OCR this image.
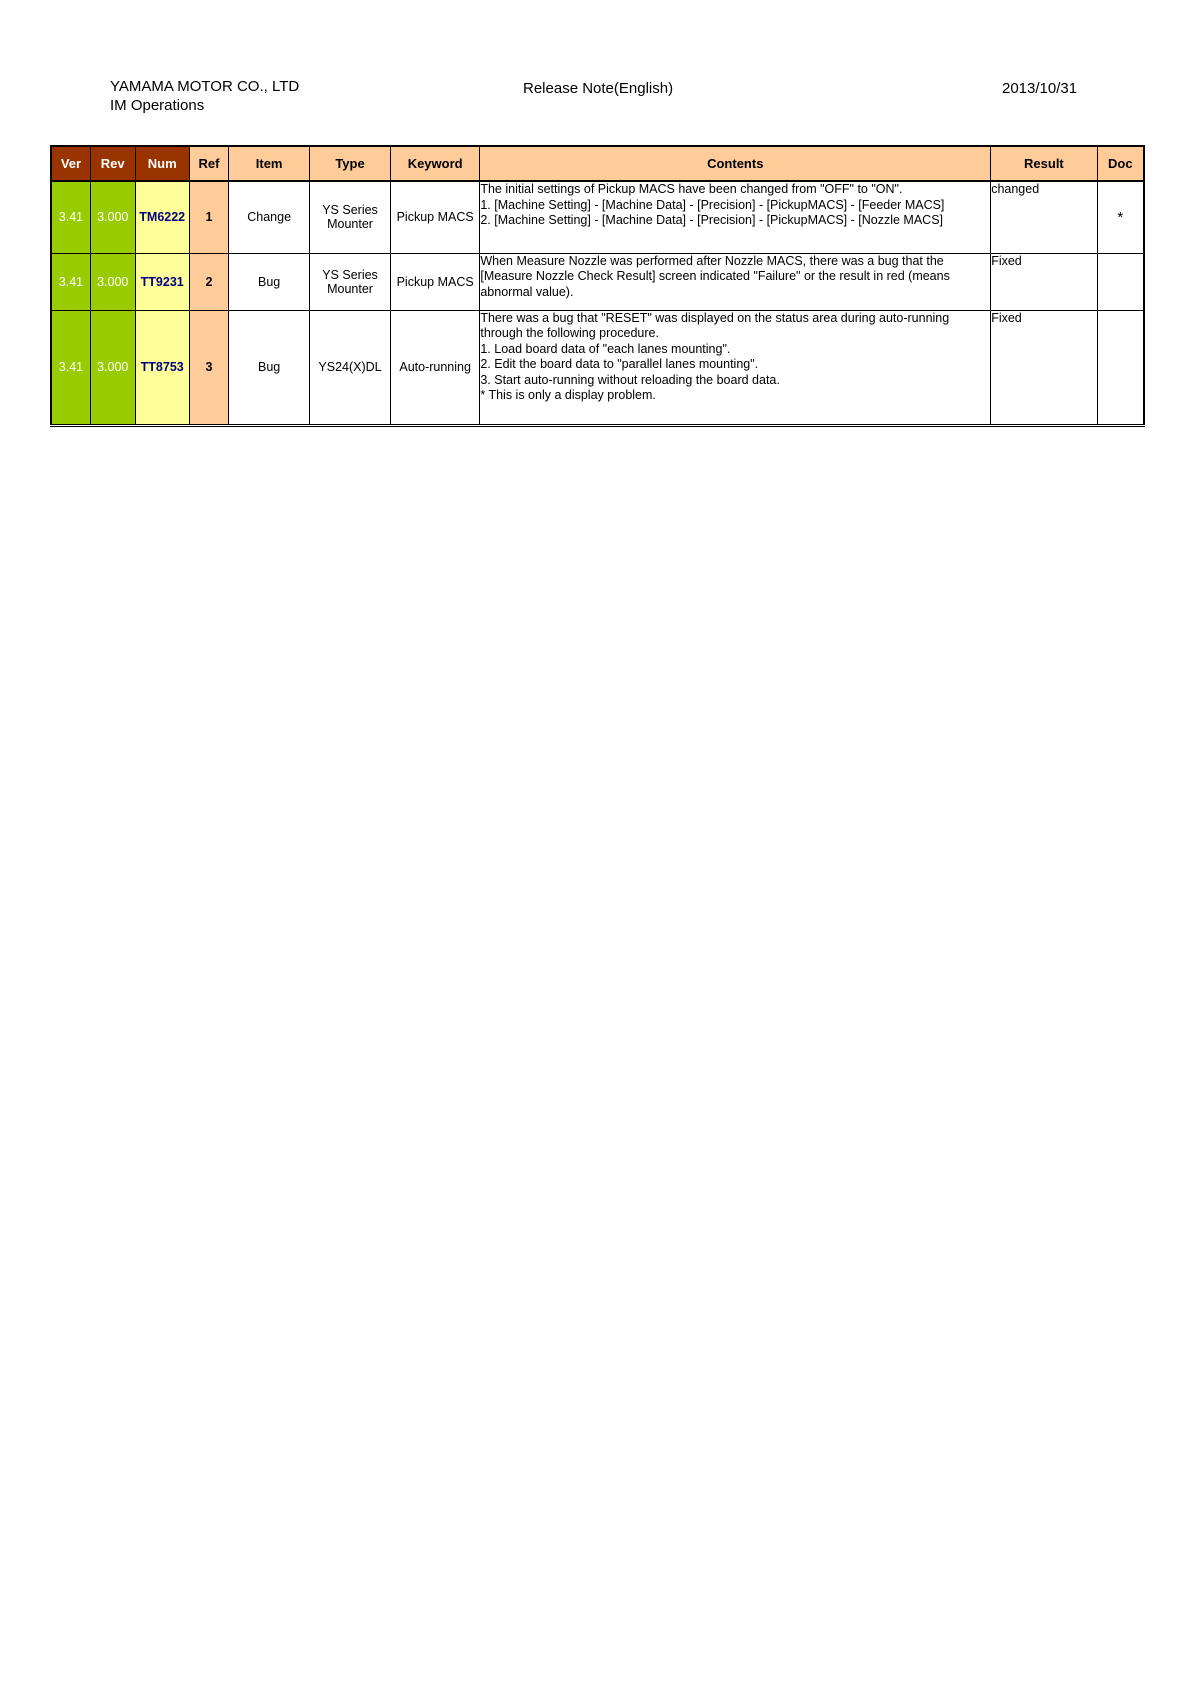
YAMAMA MOTOR CO., LTD
IM Operations
Release Note(English)	2013/10/31
Ver	Rev	Num	Ref	Item	Type	Keyword	Contents	Result	Doc
3.41	3.000	TM6222	1	Change	YS Series Mounter	Pickup MACS	The initial settings of Pickup MACS have been changed from "OFF" to "ON".
1. [Machine Setting] - [Machine Data] - [Precision] - [PickupMACS] - [Feeder MACS]
2. [Machine Setting] - [Machine Data] - [Precision] - [PickupMACS] - [Nozzle MACS]	changed	*
3.41	3.000	TT9231	2	Bug	YS Series Mounter	Pickup MACS	When Measure Nozzle was performed after Nozzle MACS, there was a bug that the [Measure Nozzle Check Result] screen indicated "Failure" or the result in red (means abnormal value).	Fixed	
3.41	3.000	TT8753	3	Bug	YS24(X)DL	Auto-running	There was a bug that "RESET" was displayed on the status area during auto-running through the following procedure.
1. Load board data of "each lanes mounting".
2. Edit the board data to "parallel lanes mounting".
3. Start auto-running without reloading the board data.
* This is only a display problem.	Fixed	
